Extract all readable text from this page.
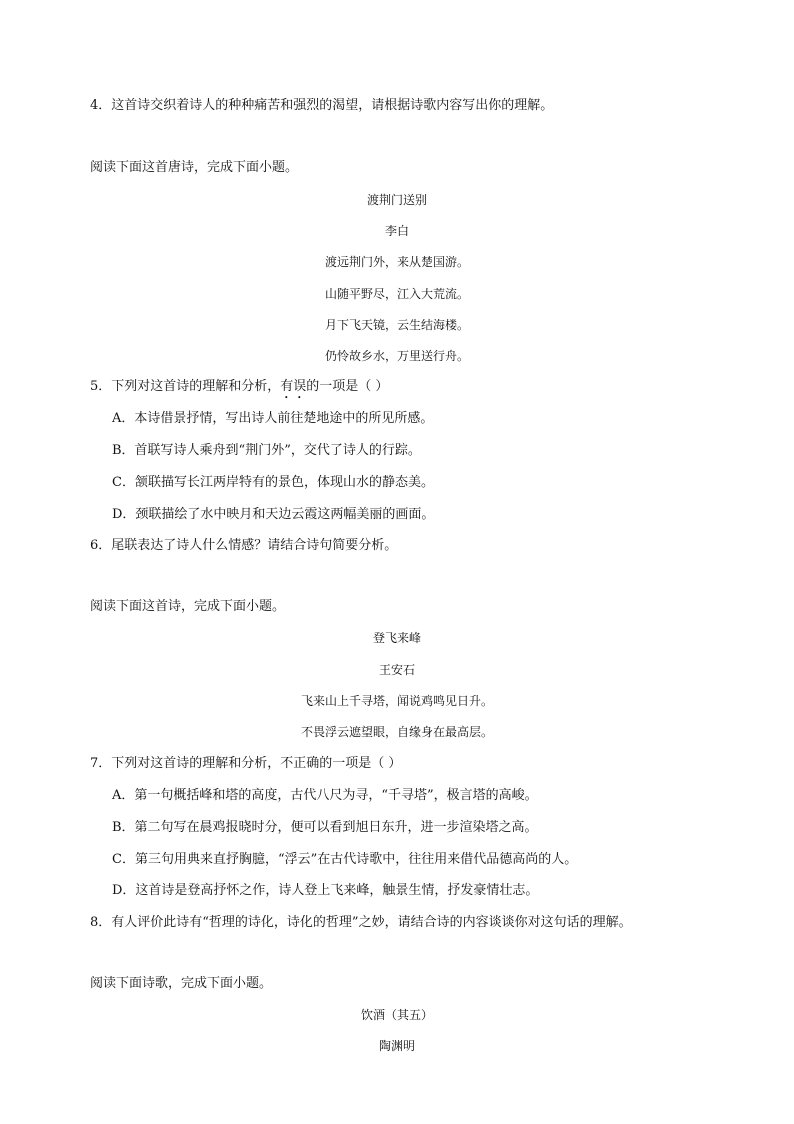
4．这首诗交织着诗人的种种痛苦和强烈的渴望，请根据诗歌内容写出你的理解。
阅读下面这首唐诗，完成下面小题。
渡荆门送别
李白
渡远荆门外，来从楚国游。
山随平野尽，江入大荒流。
月下飞天镜，云生结海楼。
仍怜故乡水，万里送行舟。
5．下列对这首诗的理解和分析，有误的一项是（ ）
A．本诗借景抒情，写出诗人前往楚地途中的所见所感。
B．首联写诗人乘舟到“荆门外”，交代了诗人的行踪。
C．颔联描写长江两岸特有的景色，体现山水的静态美。
D．颈联描绘了水中映月和天边云霞这两幅美丽的画面。
6．尾联表达了诗人什么情感？请结合诗句简要分析。
阅读下面这首诗，完成下面小题。
登飞来峰
王安石
飞来山上千寻塔，闻说鸡鸣见日升。
不畏浮云遮望眼，自缘身在最高层。
7．下列对这首诗的理解和分析，不正确的一项是（ ）
A．第一句概括峰和塔的高度，古代八尺为寻，“千寻塔”，极言塔的高峻。
B．第二句写在晨鸡报晓时分，便可以看到旭日东升，进一步渲染塔之高。
C．第三句用典来直抒胸臆，“浮云”在古代诗歌中，往往用来借代品德高尚的人。
D．这首诗是登高抒怀之作，诗人登上飞来峰，触景生情，抒发豪情壮志。
8．有人评价此诗有“哲理的诗化，诗化的哲理”之妙，请结合诗的内容谈谈你对这句话的理解。
阅读下面诗歌，完成下面小题。
饮酒（其五）
陶渊明
